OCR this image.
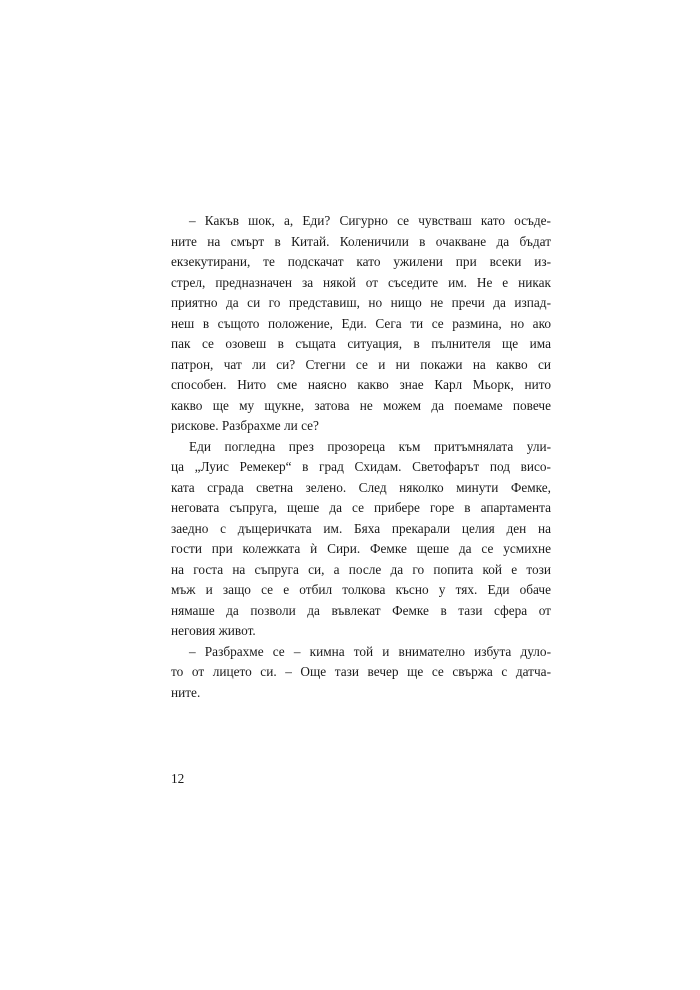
– Какъв шок, а, Еди? Сигурно се чувстваш като осъде-
ните на смърт в Китай. Коленичили в очакване да бъдат
екзекутирани, те подскачат като ужилени при всеки из-
стрел, предназначен за някой от съседите им. Не е никак
приятно да си го представиш, но нищо не пречи да изпад-
неш в същото положение, Еди. Сега ти се размина, но ако
пак се озовеш в същата ситуация, в пълнителя ще има
патрон, чат ли си? Стегни се и ни покажи на какво си
способен. Нито сме наясно какво знае Карл Мьорк, нито
какво ще му щукне, затова не можем да поемаме повече
рискове. Разбрахме ли се?
Еди погледна през прозореца към притъмнялата ули-
ца „Луис Ремекер“ в град Схидам. Светофарът под висо-
ката сграда светна зелено. След няколко минути Фемке,
неговата съпруга, щеше да се прибере горе в апартамента
заедно с дъщеричката им. Бяха прекарали целия ден на
гости при колежката ѝ Сири. Фемке щеше да се усмихне
на госта на съпруга си, а после да го попита кой е този
мъж и защо се е отбил толкова късно у тях. Еди обаче
нямаше да позволи да въвлекат Фемке в тази сфера от
неговия живот.
– Разбрахме се – кимна той и внимателно избута дуло-
то от лицето си. – Още тази вечер ще се свържа с датча-
ните.
12
